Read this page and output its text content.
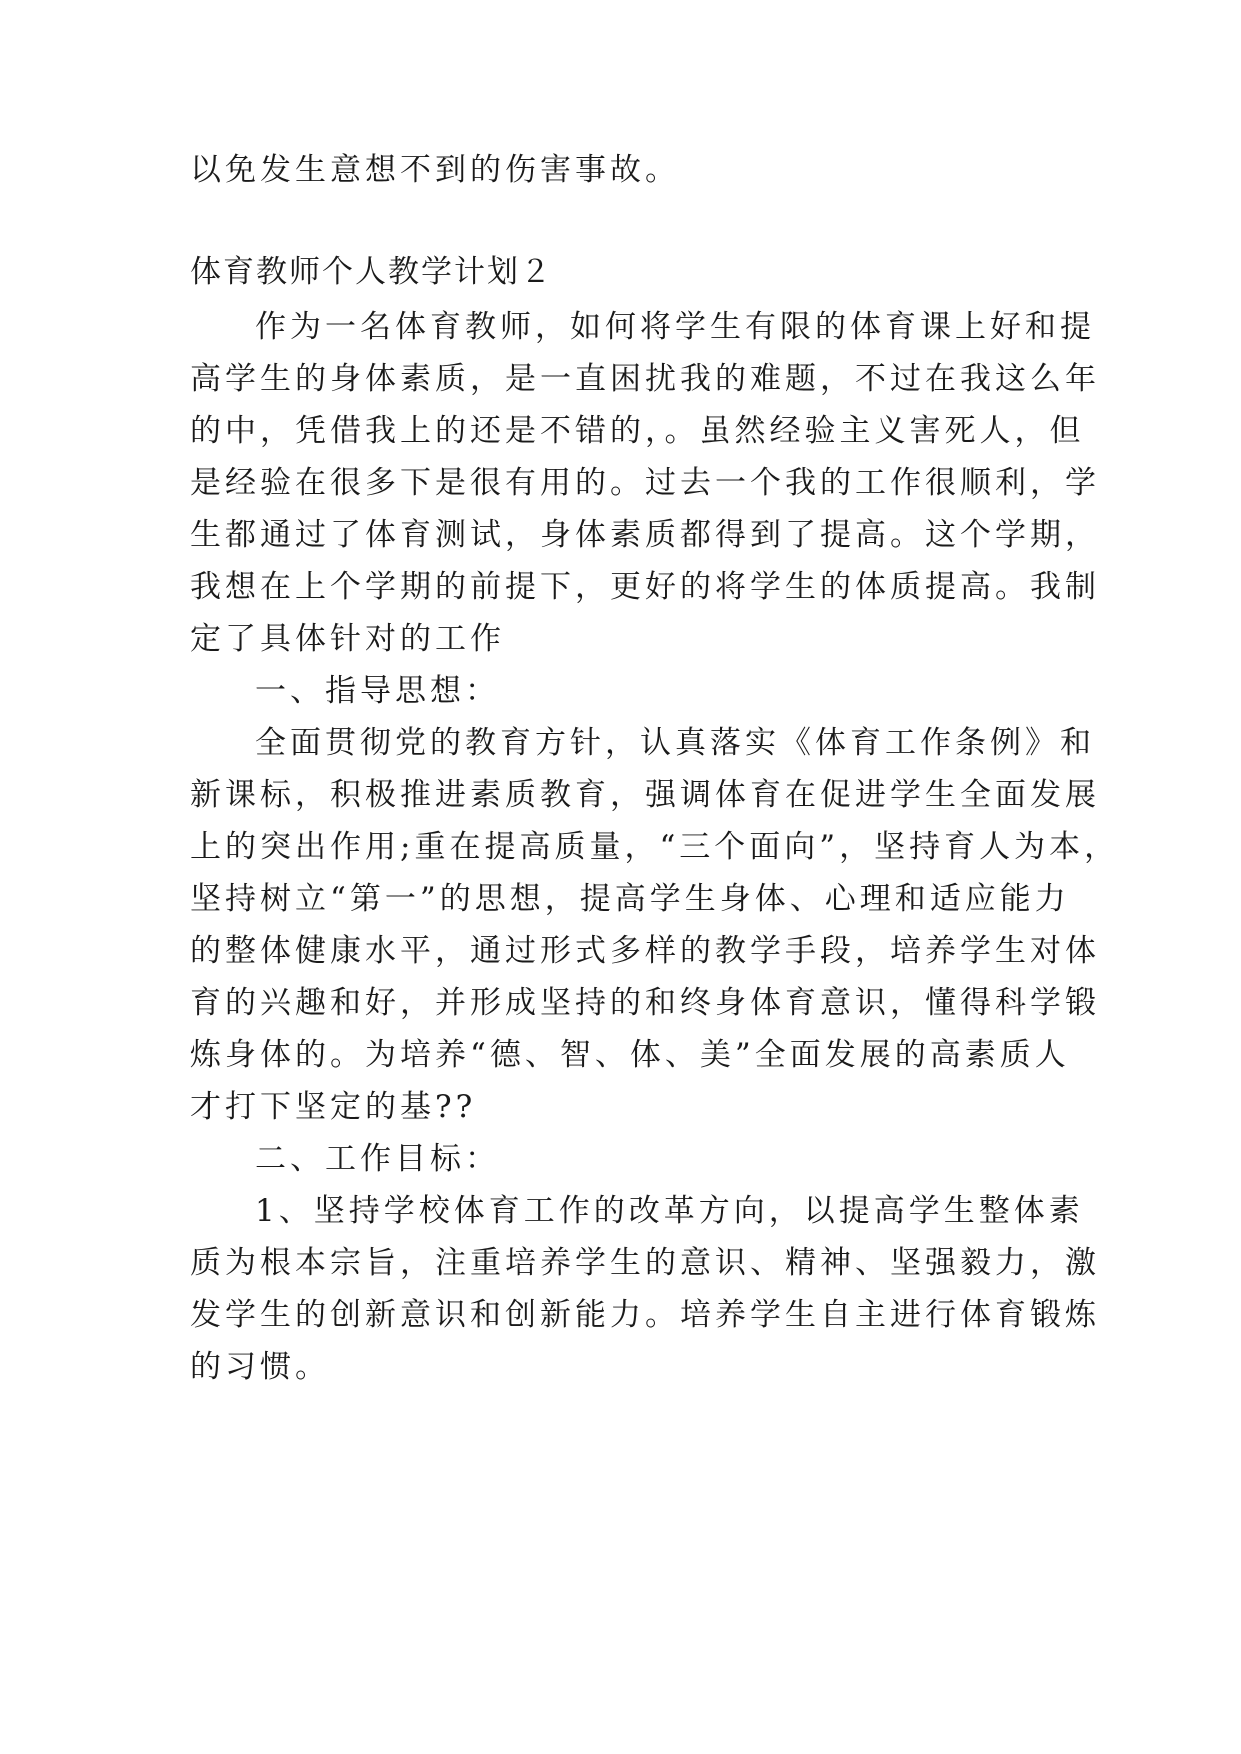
以免发生意想不到的伤害事故。
体育教师个人教学计划２
作为一名体育教师，如何将学生有限的体育课上好和提
高学生的身体素质，是一直困扰我的难题，不过在我这么年
的中，凭借我上的还是不错的，。虽然经验主义害死人，但
是经验在很多下是很有用的。过去一个我的工作很顺利，学
生都通过了体育测试，身体素质都得到了提高。这个学期，
我想在上个学期的前提下，更好的将学生的体质提高。我制
定了具体针对的工作
一、指导思想：
全面贯彻党的教育方针，认真落实《体育工作条例》和
新课标，积极推进素质教育，强调体育在促进学生全面发展
上的突出作用;重在提高质量，“三个面向”，坚持育人为本，
坚持树立“第一”的思想，提高学生身体、心理和适应能力
的整体健康水平，通过形式多样的教学手段，培养学生对体
育的兴趣和好，并形成坚持的和终身体育意识，懂得科学锻
炼身体的。为培养“德、智、体、美”全面发展的高素质人
才打下坚定的基??
二、工作目标：
1、坚持学校体育工作的改革方向，以提高学生整体素
质为根本宗旨，注重培养学生的意识、精神、坚强毅力，激
发学生的创新意识和创新能力。培养学生自主进行体育锻炼
的习惯。
